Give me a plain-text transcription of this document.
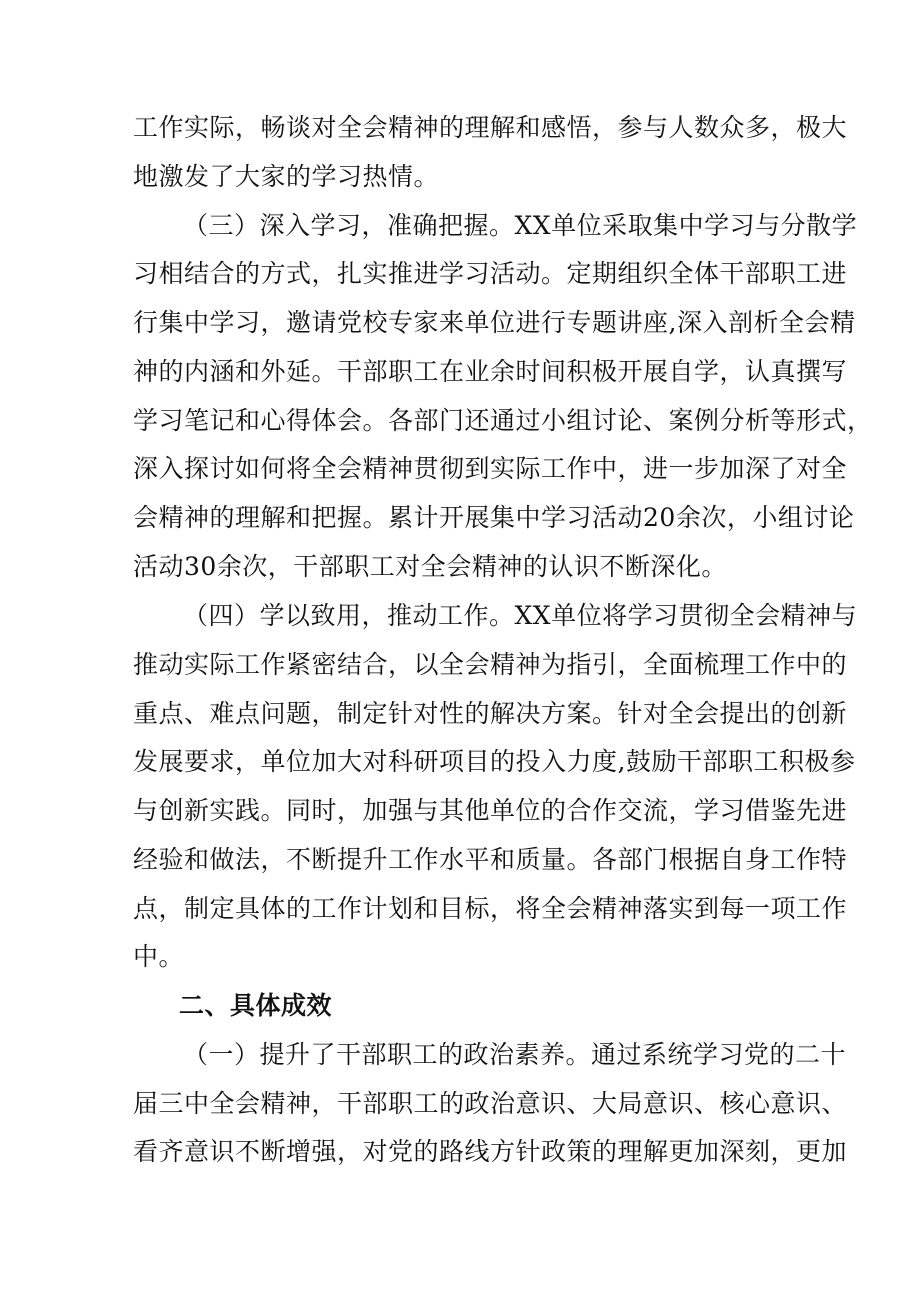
工作实际，畅谈对全会精神的理解和感悟，参与人数众多，极大
地激发了大家的学习热情。
（三）深入学习，准确把握。XX单位采取集中学习与分散学
习相结合的方式，扎实推进学习活动。定期组织全体干部职工进
行集中学习，邀请党校专家来单位进行专题讲座,深入剖析全会精
神的内涵和外延。干部职工在业余时间积极开展自学，认真撰写
学习笔记和心得体会。各部门还通过小组讨论、案例分析等形式，
深入探讨如何将全会精神贯彻到实际工作中，进一步加深了对全
会精神的理解和把握。累计开展集中学习活动20余次，小组讨论
活动30余次，干部职工对全会精神的认识不断深化。
（四）学以致用，推动工作。XX单位将学习贯彻全会精神与
推动实际工作紧密结合，以全会精神为指引，全面梳理工作中的
重点、难点问题，制定针对性的解决方案。针对全会提出的创新
发展要求，单位加大对科研项目的投入力度,鼓励干部职工积极参
与创新实践。同时，加强与其他单位的合作交流，学习借鉴先进
经验和做法，不断提升工作水平和质量。各部门根据自身工作特
点，制定具体的工作计划和目标，将全会精神落实到每一项工作
中。
二、具体成效
（一）提升了干部职工的政治素养。通过系统学习党的二十
届三中全会精神，干部职工的政治意识、大局意识、核心意识、
看齐意识不断增强，对党的路线方针政策的理解更加深刻，更加
